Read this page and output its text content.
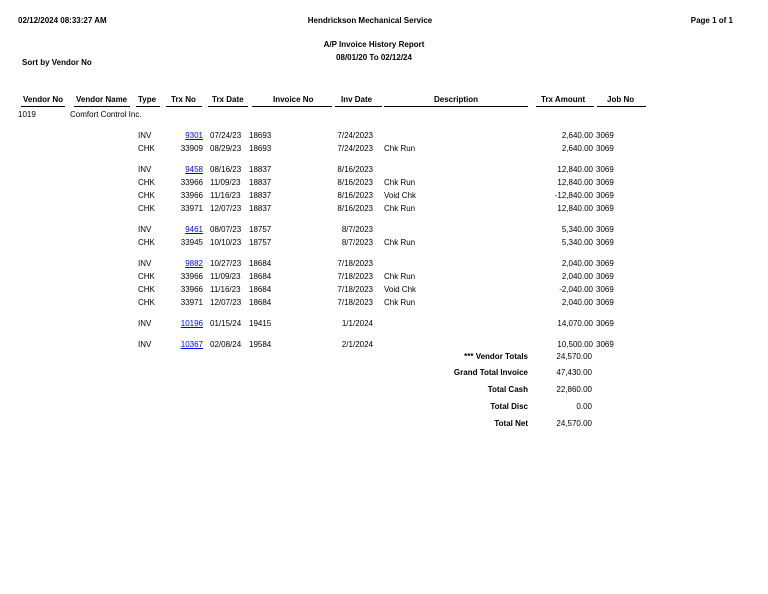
02/12/2024 08:33:27 AM	Hendrickson Mechanical Service	Page 1 of 1
A/P Invoice History Report
08/01/20 To 02/12/24
Sort by Vendor No
Vendor No Vendor Name Type Trx No Trx Date	Invoice No	Inv Date	Description	Trx Amount	Job No
1019	Comfort Control Inc.
INV	9301 07/24/23 18693	7/24/2023	2,640.00 3069
CHK	33909 08/29/23 18693	7/24/2023 Chk Run	2,640.00 3069
INV	9458 08/16/23 18837	8/16/2023	12,840.00 3069
CHK	33966 11/09/23	18837	8/16/2023 Chk Run	12,840.00 3069
CHK	33966 11/16/23	18837	8/16/2023 Void Chk	-12,840.00 3069
CHK	33971 12/07/23 18837	8/16/2023 Chk Run	12,840.00 3069
INV	9461 08/07/23 18757	8/7/2023	5,340.00 3069
CHK	33945 10/10/23 18757	8/7/2023 Chk Run	5,340.00 3069
INV	9882 10/27/23 18684	7/18/2023	2,040.00 3069
CHK	33966 11/09/23	18684	7/18/2023 Chk Run	2,040.00 3069
CHK	33966 11/16/23	18684	7/18/2023 Void Chk	-2,040.00 3069
CHK	33971 12/07/23 18684	7/18/2023 Chk Run	2,040.00 3069
INV	10196 01/15/24 19415	1/1/2024	14,070.00 3069
INV	10367 02/08/24 19584	2/1/2024	10,500.00 3069
*** Vendor Totals	24,570.00
Grand Total Invoice	47,430.00
Total Cash	22,860.00
Total Disc	0.00
Total Net	24,570.00
